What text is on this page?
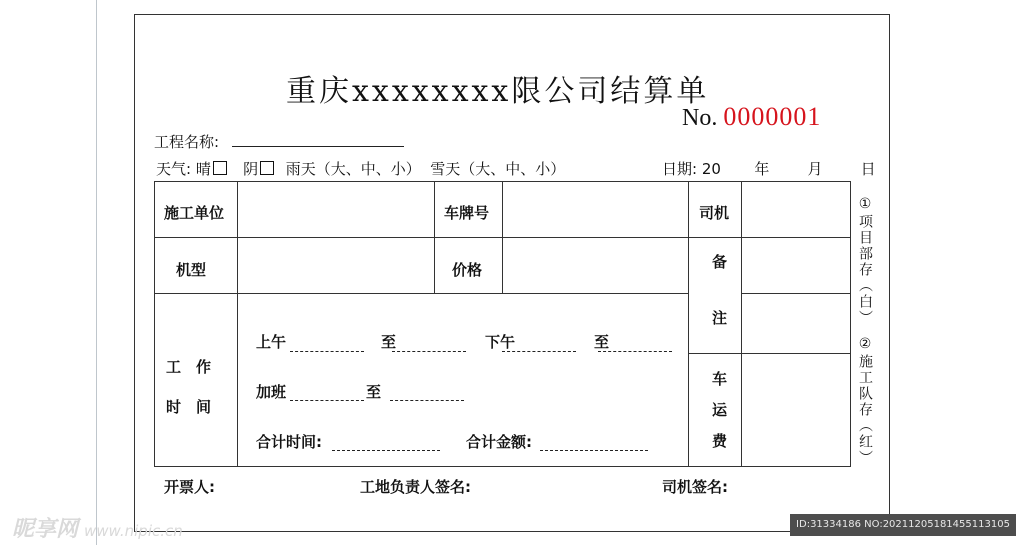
重庆xxxxxxxx限公司结算单
No. 0000001
工程名称:
天气: 晴 阴 雨天（大、中、小） 雪天（大、中、小）	日期: 20 年	月	日
施工单位	车牌号	司机
机型	价格	备
注
工　作
时　间
车
运
费
上午	至	下午	至
加班	至
合计时间:	合计金额:
开票人:	工地负责人签名:	司机签名:
①项目部存（白）
②施工队存（红）
昵享网 www.nipic.cn	ID:31334186 NO:20211205181455113105
